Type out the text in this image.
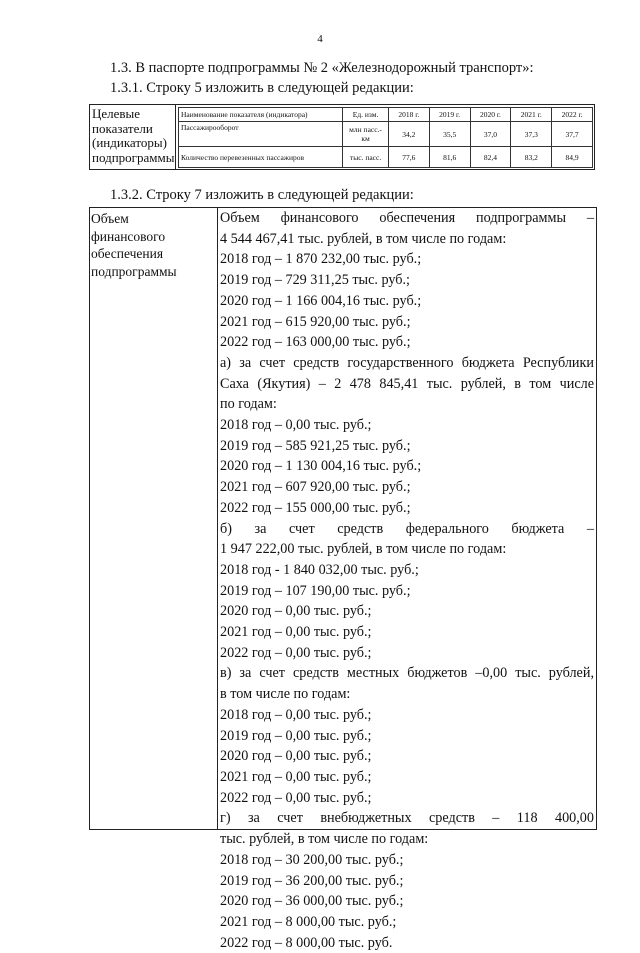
4
1.3. В паспорте подпрограммы № 2 «Железнодорожный транспорт»:
1.3.1. Строку 5 изложить в следующей редакции:
Целевые
показатели
(индикаторы)
подпрограммы
Наименование показателя (индикатора)	Ед. изм.	2018 г.	2019 г.	2020 г.	2021 г.	2022 г.
Пассажирооборот	млн пасс.-км	34,2	35,5	37,0	37,3	37,7
Количество перевезенных пассажиров	тыс. пасс.	77,6	81,6	82,4	83,2	84,9
1.3.2. Строку 7 изложить в следующей редакции:
Объем
финансового
обеспечения
подпрограммы
Объем финансового обеспечения подпрограммы –
4 544 467,41 тыс. рублей, в том числе по годам:
2018 год – 1 870 232,00 тыс. руб.;
2019 год – 729 311,25 тыс. руб.;
2020 год – 1 166 004,16 тыс. руб.;
2021 год – 615 920,00 тыс. руб.;
2022 год – 163 000,00 тыс. руб.;
а) за счет средств государственного бюджета Республики
Саха (Якутия) – 2 478 845,41 тыс. рублей, в том числе
по годам:
2018 год – 0,00 тыс. руб.;
2019 год – 585 921,25 тыс. руб.;
2020 год – 1 130 004,16 тыс. руб.;
2021 год – 607 920,00 тыс. руб.;
2022 год – 155 000,00 тыс. руб.;
б) за счет средств федерального бюджета –
1 947 222,00 тыс. рублей, в том числе по годам:
2018 год - 1 840 032,00 тыс. руб.;
2019 год – 107 190,00 тыс. руб.;
2020 год – 0,00 тыс. руб.;
2021 год – 0,00 тыс. руб.;
2022 год – 0,00 тыс. руб.;
в) за счет средств местных бюджетов –0,00 тыс. рублей,
в том числе по годам:
2018 год – 0,00 тыс. руб.;
2019 год – 0,00 тыс. руб.;
2020 год – 0,00 тыс. руб.;
2021 год – 0,00 тыс. руб.;
2022 год – 0,00 тыс. руб.;
г) за счет внебюджетных средств – 118 400,00
тыс. рублей, в том числе по годам:
2018 год – 30 200,00 тыс. руб.;
2019 год – 36 200,00 тыс. руб.;
2020 год – 36 000,00 тыс. руб.;
2021 год – 8 000,00 тыс. руб.;
2022 год – 8 000,00 тыс. руб.
